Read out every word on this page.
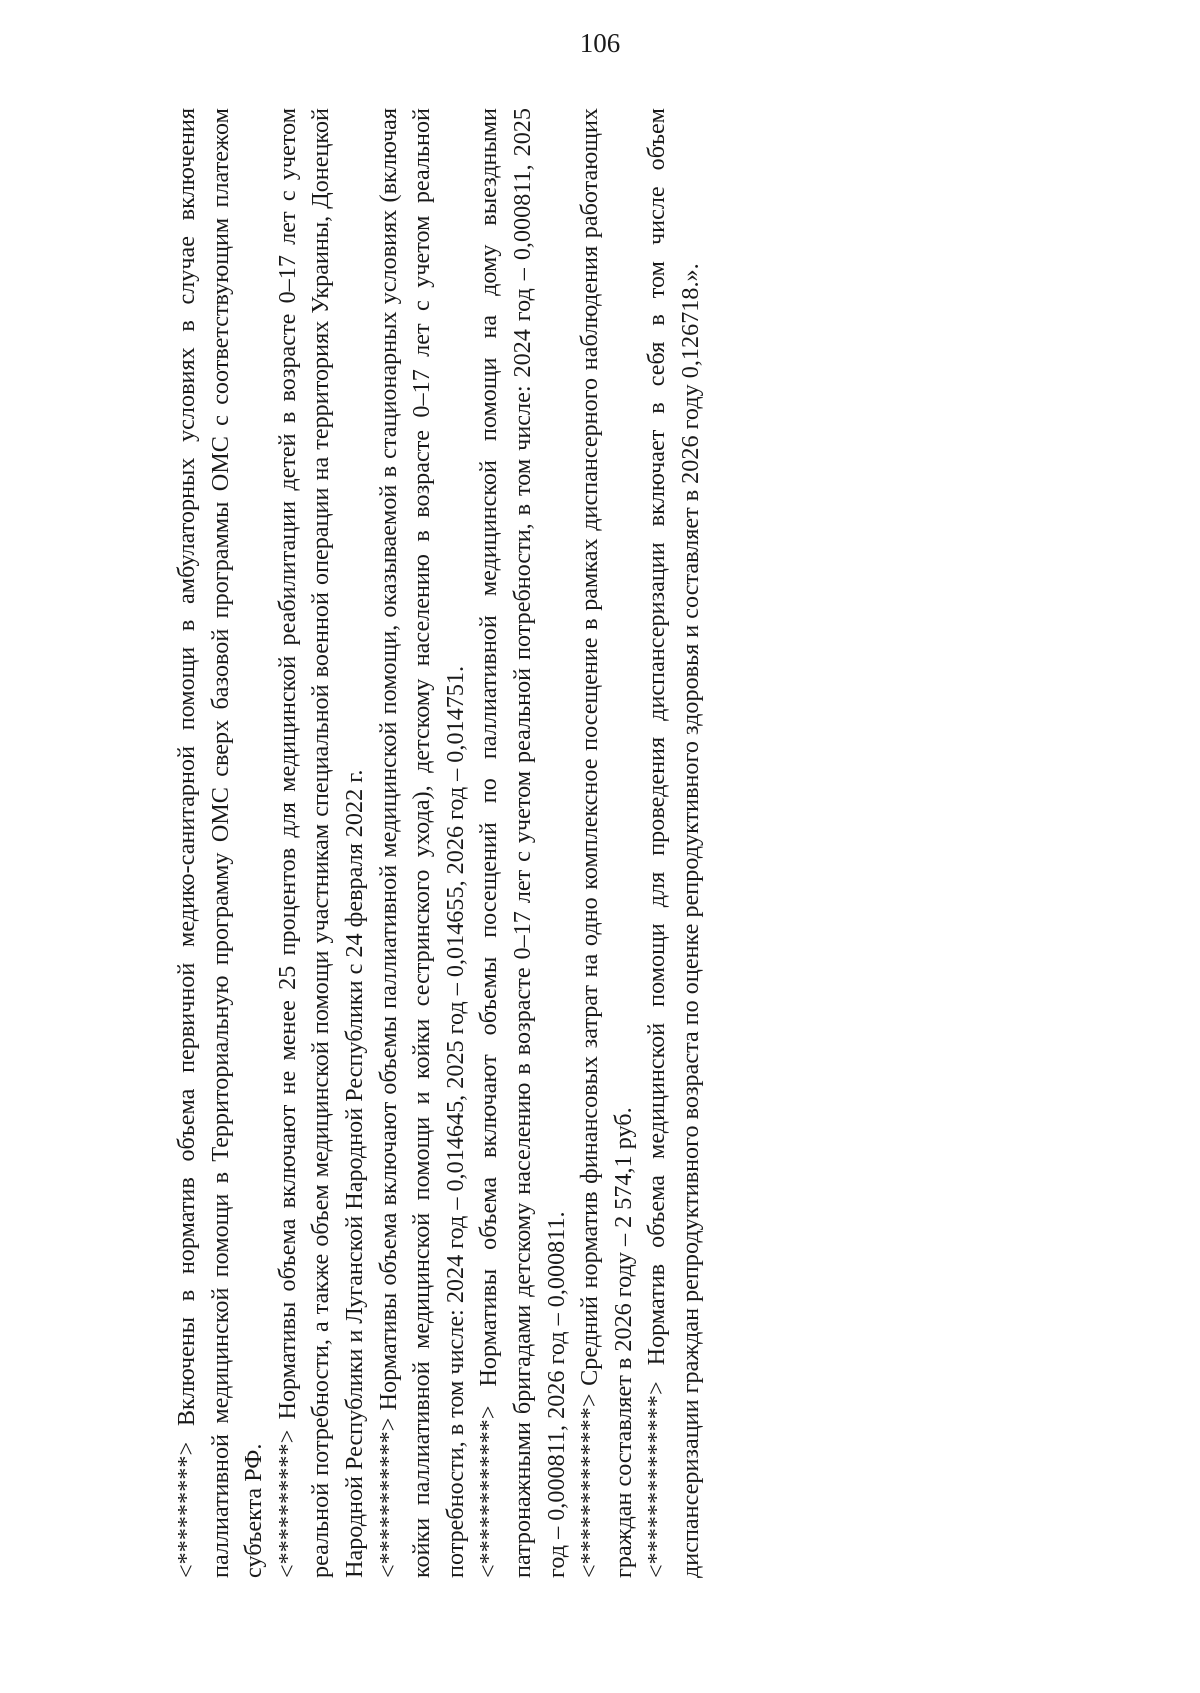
106

<*********> Включены в норматив объема первичной медико-санитарной помощи в амбулаторных условиях в случае включения паллиативной медицинской помощи в Территориальную программу ОМС сверх базовой программы ОМС с соответствующим платежом субъекта РФ. <**********> Нормативы объема включают не менее 25 процентов для медицинской реабилитации детей в возрасте 0–17 лет с учетом реальной потребности, а также объем медицинской помощи участникам специальной военной операции на территориях Украины, Донецкой Народной Республики и Луганской Народной Республики с 24 февраля 2022 г. <***********> Нормативы объема включают объемы паллиативной медицинской помощи, оказываемой в стационарных условиях (включая койки паллиативной медицинской помощи и койки сестринского ухода), детскому населению в возрасте 0–17 лет с учетом реальной потребности, в том числе: 2024 год – 0,014645, 2025 год – 0,014655, 2026 год – 0,014751. <************> Нормативы объема включают объемы посещений по паллиативной медицинской помощи на дому выездными патронажными бригадами детскому населению в возрасте 0–17 лет с учетом реальной потребности, в том числе: 2024 год – 0,000811, 2025 год – 0,000811, 2026 год – 0,000811. <*************> Средний норматив финансовых затрат на одно комплексное посещение в рамках диспансерного наблюдения работающих граждан составляет в 2026 году – 2 574,1 руб. <**************> Норматив объема медицинской помощи для проведения диспансеризации включает в себя в том числе объем диспансеризации граждан репродуктивного возраста по оценке репродуктивного здоровья и составляет в 2026 году 0,126718.».
